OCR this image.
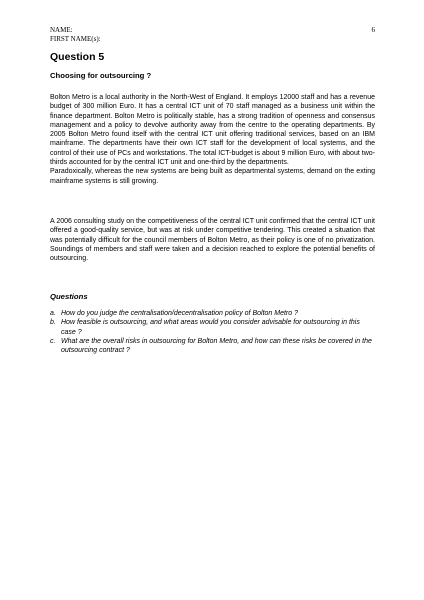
NAME:
FIRST NAME(s):
6
Question 5
Choosing for outsourcing ?

Bolton Metro is a local authority in the North-West of England. It employs 12000 staff and has a revenue budget of 300 million Euro. It has a central ICT unit of 70 staff managed as a business unit within the finance department. Bolton Metro is politically stable, has a strong tradition of openness and consensus management and a policy to devolve authority away from the centre to the operating departments. By 2005 Bolton Metro found itself with the central ICT unit offering traditional services, based on an IBM mainframe. The departments have their own ICT staff for the development of local systems, and the control of their use of PCs and workstations. The total ICT-budget is about 9 million Euro, with about two-thirds accounted for by the central ICT unit and one-third by the departments.

Paradoxically, whereas the new systems are being built as departmental systems, demand on the exting mainframe systems is still growing.

A 2006 consulting study on the competitiveness of the central ICT unit confirmed that the central ICT unit offered a good-quality service, but was at risk under competitive tendering. This created a situation that was potentially difficult for the council members of Bolton Metro, as their policy is one of no privatization. Soundings of members and staff were taken and a decision reached to explore the potential benefits of outsourcing.

Questions
a. How do you judge the centralisation/decentralisation policy of Bolton Metro ?
b. How feasible is outsourcing, and what areas would you consider advisable for outsourcing in this case ?
c. What are the overall risks in outsourcing for Bolton Metro, and how can these risks be covered in the outsourcing contract ?
